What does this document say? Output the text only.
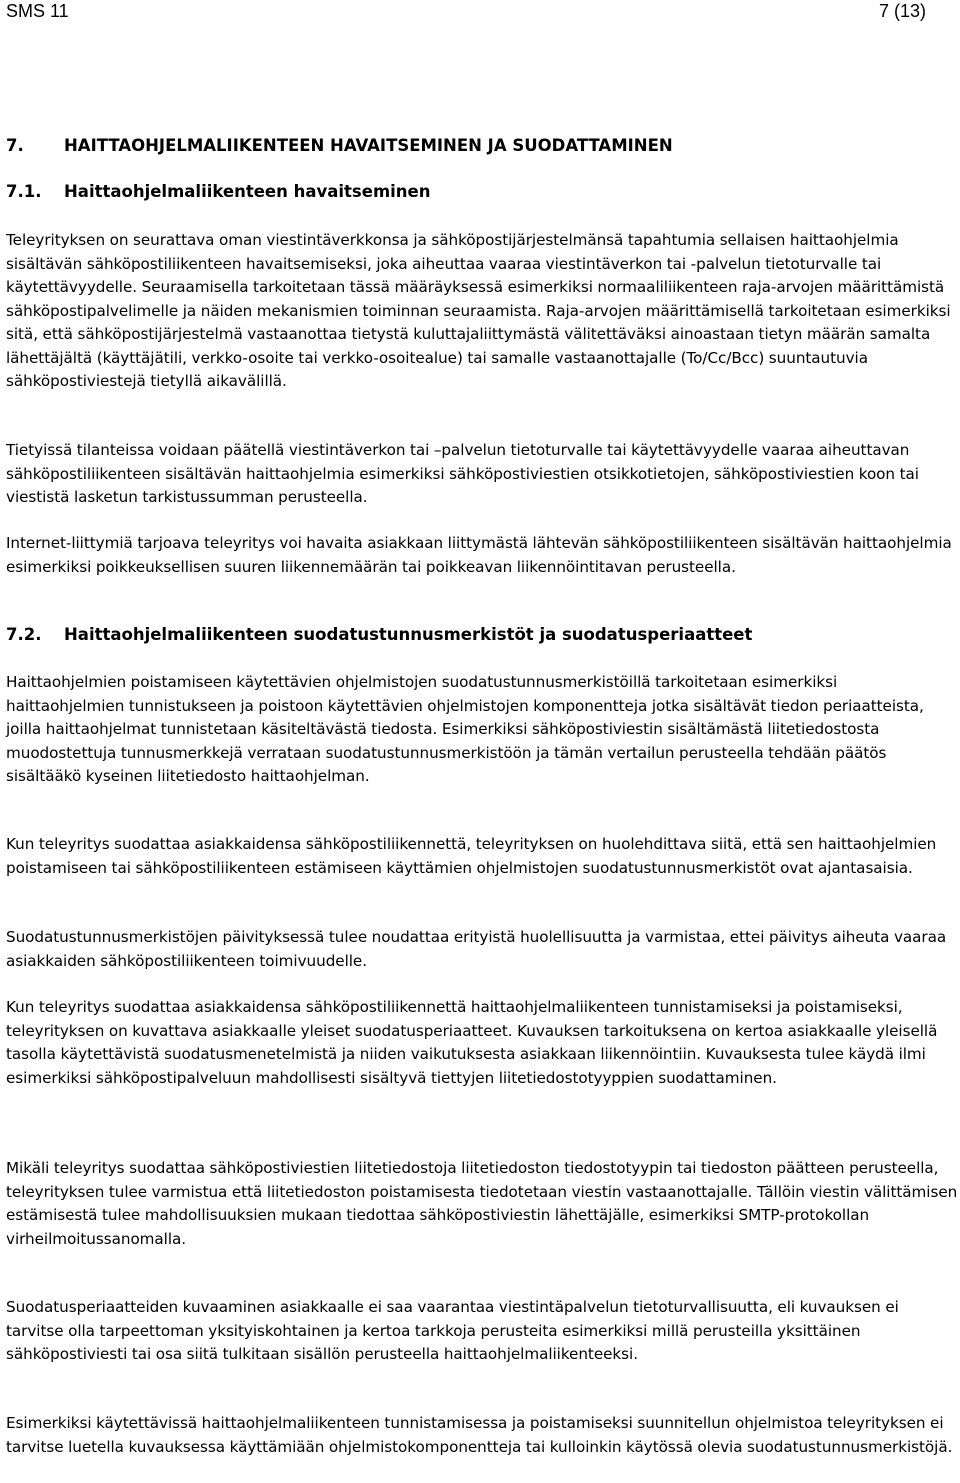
SMS 11	7 (13)
7. HAITTAOHJELMALIIKENTEEN HAVAITSEMINEN JA SUODATTAMINEN
7.1. Haittaohjelmaliikenteen havaitseminen

Teleyrityksen on seurattava oman viestintäverkkonsa ja sähköpostijärjestelmänsä tapahtumia sellaisen haittaohjelmia sisältävän sähköpostiliikenteen havaitsemiseksi, joka aiheuttaa vaaraa viestintäverkon tai -palvelun tietoturvalle tai käytettävyydelle. Seuraamisella tarkoitetaan tässä määräyksessä esimerkiksi normaaliliikenteen raja-arvojen määrittämistä sähköpostipalvelimelle ja näiden mekanismien toiminnan seuraamista. Raja-arvojen määrittämisellä tarkoitetaan esimerkiksi sitä, että sähköpostijärjestelmä vastaanottaa tietystä kuluttajaliittymästä välitettäväksi ainoastaan tietyn määrän samalta lähettäjältä (käyttäjätili, verkko-osoite tai verkko-osoitealue) tai samalle vastaanottajalle (To/Cc/Bcc) suuntautuvia sähköpostiviestejä tietyllä aikavälillä.

Tietyissä tilanteissa voidaan päätellä viestintäverkon tai –palvelun tietoturvalle tai käytettävyydelle vaaraa aiheuttavan sähköpostiliikenteen sisältävän haittaohjelmia esimerkiksi sähköpostiviestien otsikkotietojen, sähköpostiviestien koon tai viestistä lasketun tarkistussumman perusteella.

Internet-liittymiä tarjoava teleyritys voi havaita asiakkaan liittymästä lähtevän sähköpostiliikenteen sisältävän haittaohjelmia esimerkiksi poikkeuksellisen suuren liikennemäärän tai poikkeavan liikennöintitavan perusteella.

7.2. Haittaohjelmaliikenteen suodatustunnusmerkistöt ja suodatusperiaatteet

Haittaohjelmien poistamiseen käytettävien ohjelmistojen suodatustunnusmerkistöillä tarkoitetaan esimerkiksi haittaohjelmien tunnistukseen ja poistoon käytettävien ohjelmistojen komponentteja jotka sisältävät tiedon periaatteista, joilla haittaohjelmat tunnistetaan käsiteltävästä tiedosta. Esimerkiksi sähköpostiviestin sisältämästä liitetiedostosta muodostettuja tunnusmerkkejä verrataan suodatustunnusmerkistöön ja tämän vertailun perusteella tehdään päätös sisältääkö kyseinen liitetiedosto haittaohjelman.

Kun teleyritys suodattaa asiakkaidensa sähköpostiliikennettä, teleyrityksen on huolehdittava siitä, että sen haittaohjelmien poistamiseen tai sähköpostiliikenteen estämiseen käyttämien ohjelmistojen suodatustunnusmerkistöt ovat ajantasaisia.

Suodatustunnusmerkistöjen päivityksessä tulee noudattaa erityistä huolellisuutta ja varmistaa, ettei päivitys aiheuta vaaraa asiakkaiden sähköpostiliikenteen toimivuudelle.

Kun teleyritys suodattaa asiakkaidensa sähköpostiliikennettä haittaohjelmaliikenteen tunnistamiseksi ja poistamiseksi, teleyrityksen on kuvattava asiakkaalle yleiset suodatusperiaatteet. Kuvauksen tarkoituksena on kertoa asiakkaalle yleisellä tasolla käytettävistä suodatusmenetelmistä ja niiden vaikutuksesta asiakkaan liikennöintiin. Kuvauksesta tulee käydä ilmi esimerkiksi sähköpostipalveluun mahdollisesti sisältyvä tiettyjen liitetiedostotyyppien suodattaminen.

Mikäli teleyritys suodattaa sähköpostiviestien liitetiedostoja liitetiedoston tiedostotyypin tai tiedoston päätteen perusteella, teleyrityksen tulee varmistua että liitetiedoston poistamisesta tiedotetaan viestin vastaanottajalle. Tällöin viestin välittämisen estämisestä tulee mahdollisuuksien mukaan tiedottaa sähköpostiviestin lähettäjälle, esimerkiksi SMTP-protokollan virheilmoitussanomalla.

Suodatusperiaatteiden kuvaaminen asiakkaalle ei saa vaarantaa viestintäpalvelun tietoturvallisuutta, eli kuvauksen ei tarvitse olla tarpeettoman yksityiskohtainen ja kertoa tarkkoja perusteita esimerkiksi millä perusteilla yksittäinen sähköpostiviesti tai osa siitä tulkitaan sisällön perusteella haittaohjelmaliikenteeksi.

Esimerkiksi käytettävissä haittaohjelmaliikenteen tunnistamisessa ja poistamiseksi suunnitellun ohjelmistoa teleyrityksen ei tarvitse luetella kuvauksessa käyttämiään ohjelmistokomponentteja tai kulloinkin käytössä olevia suodatustunnusmerkistöjä.
